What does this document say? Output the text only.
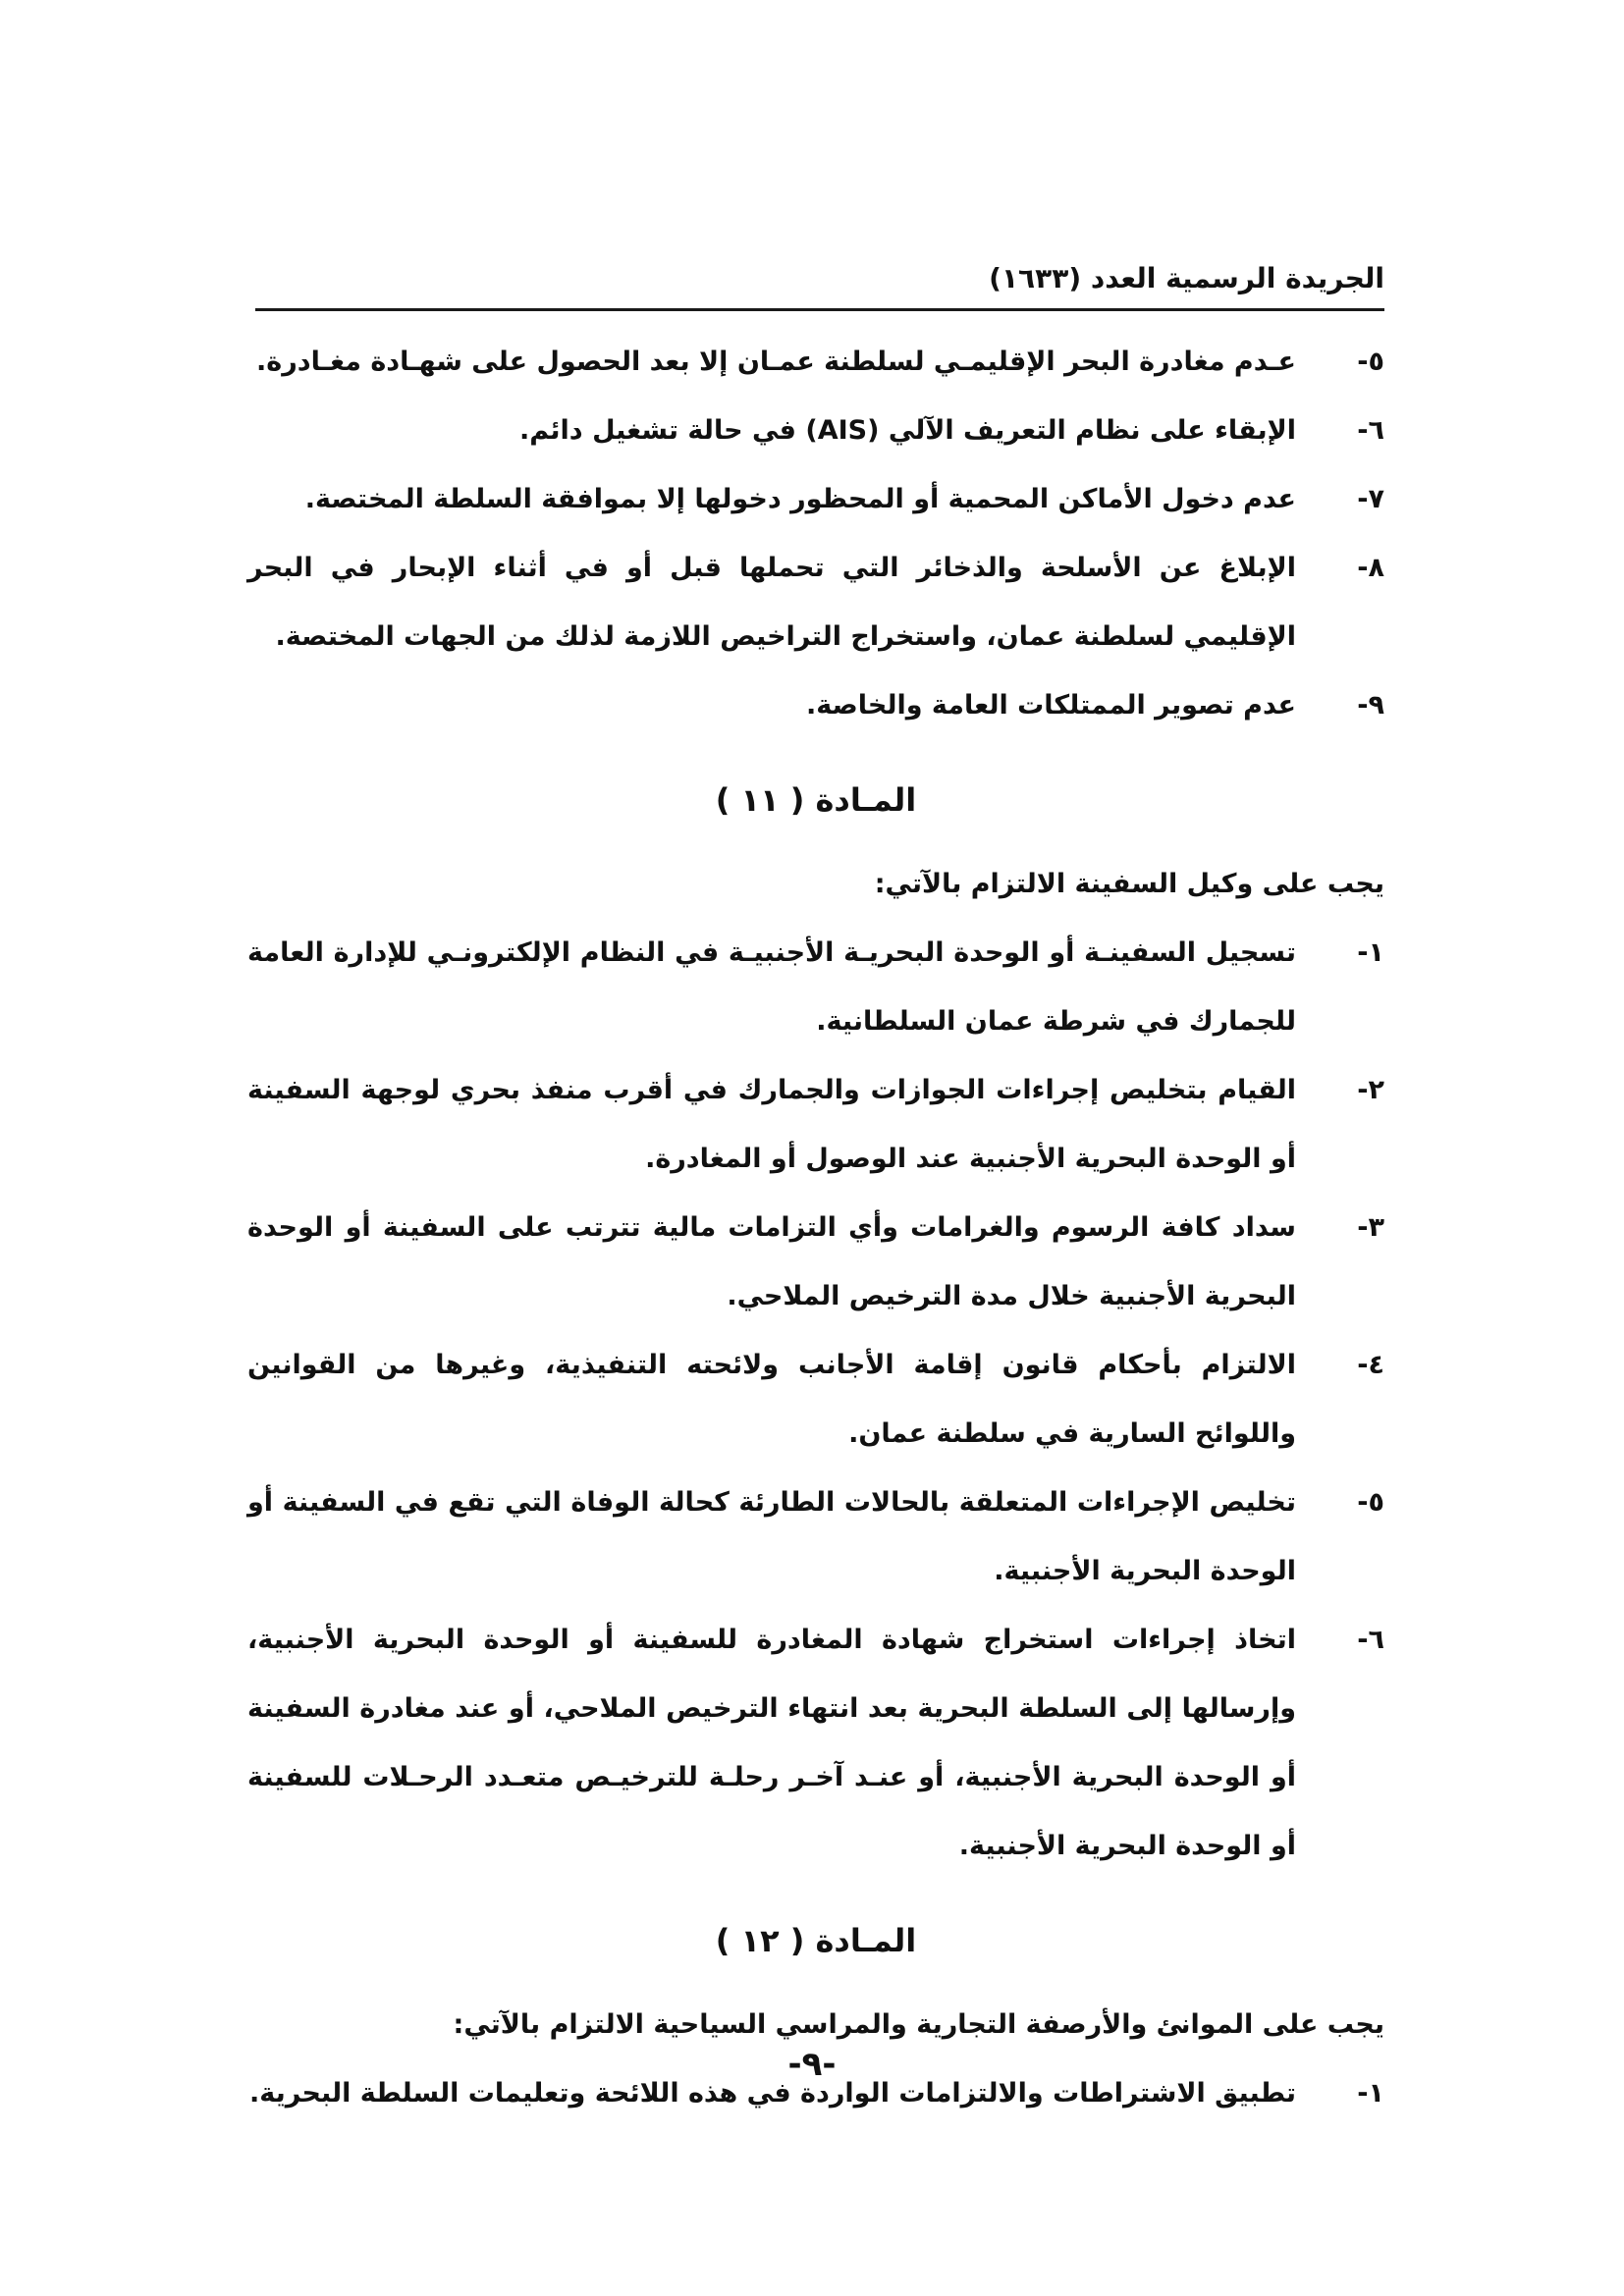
الجريدة الرسمية العدد (١٦٣٣)

٥-
عـدم مغادرة البحر الإقليمـي لسلطنة عمـان إلا بعد الحصول على شهـادة مغـادرة.

٦-
الإبقاء على نظام التعريف الآلي (AIS) في حالة تشغيل دائم.

٧-
عدم دخول الأماكن المحمية أو المحظور دخولها إلا بموافقة السلطة المختصة.

٨-
الإبلاغ عن الأسلحة والذخائر التي تحملها قبل أو في أثناء الإبحار في البحر الإقليمي لسلطنة عمان، واستخراج التراخيص اللازمة لذلك من الجهات المختصة.

٩-
عدم تصوير الممتلكات العامة والخاصة.

المـادة ( ١١ )

يجب على وكيل السفينة الالتزام بالآتي:

١-
تسجيل السفينـة أو الوحدة البحريـة الأجنبيـة في النظام الإلكترونـي للإدارة العامة للجمارك في شرطة عمان السلطانية.

٢-
القيام بتخليص إجراءات الجوازات والجمارك في أقرب منفذ بحري لوجهة السفينة أو الوحدة البحرية الأجنبية عند الوصول أو المغادرة.

٣-
سداد كافة الرسوم والغرامات وأي التزامات مالية تترتب على السفينة أو الوحدة البحرية الأجنبية خلال مدة الترخيص الملاحي.

٤-
الالتزام بأحكام قانون إقامة الأجانب ولائحته التنفيذية، وغيرها من القوانين واللوائح السارية في سلطنة عمان.

٥-
تخليص الإجراءات المتعلقة بالحالات الطارئة كحالة الوفاة التي تقع في السفينة أو الوحدة البحرية الأجنبية.

٦-
اتخاذ إجراءات استخراج شهادة المغادرة للسفينة أو الوحدة البحرية الأجنبية، وإرسالها إلى السلطة البحرية بعد انتهاء الترخيص الملاحي، أو عند مغادرة السفينة أو الوحدة البحرية الأجنبية، أو عنـد آخـر رحلـة للترخيـص متعـدد الرحـلات للسفينة أو الوحدة البحرية الأجنبية.

المـادة ( ١٢ )

يجب على الموانئ والأرصفة التجارية والمراسي السياحية الالتزام بالآتي:

١-
تطبيق الاشتراطات والالتزامات الواردة في هذه اللائحة وتعليمات السلطة البحرية.

-٩-
